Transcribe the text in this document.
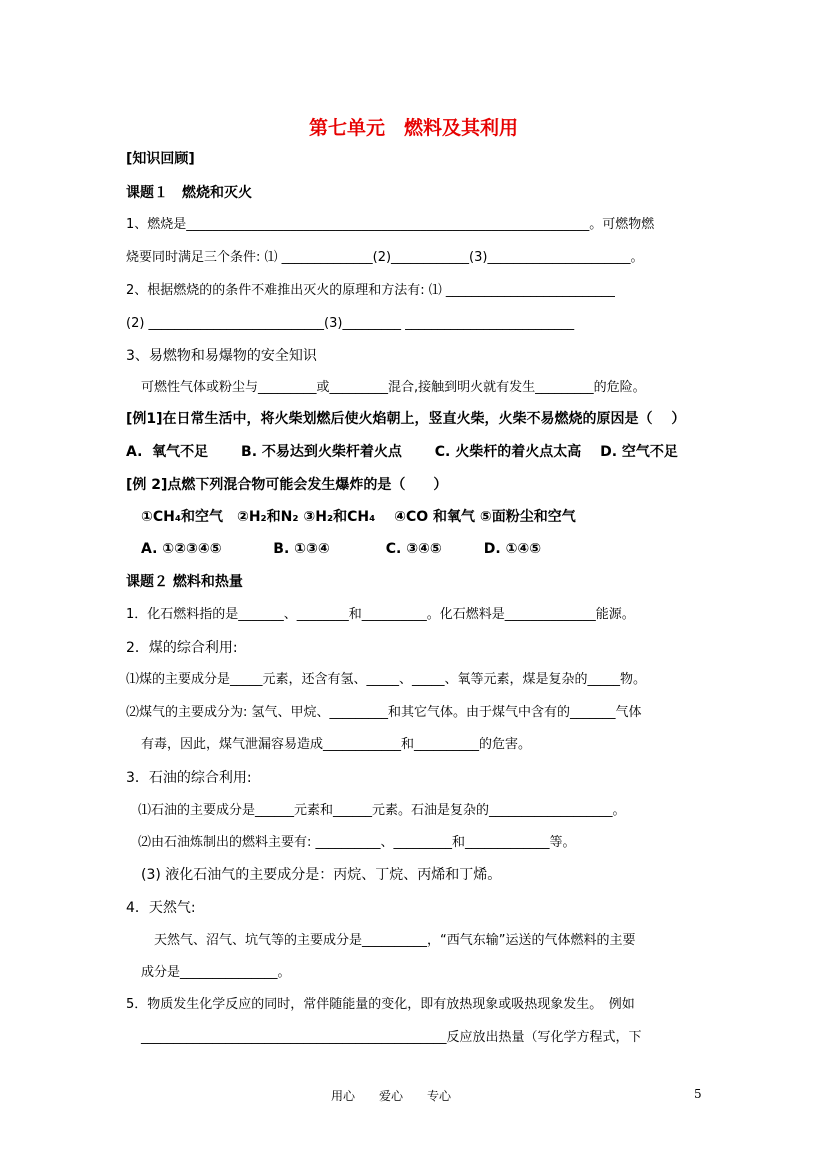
第七单元　燃料及其利用
[知识回顾]
课题１　燃烧和灭火
1、燃烧是______________________________________________________________。可燃物燃
烧要同时满足三个条件: ⑴ ______________(2)____________(3)______________________。
2、根据燃烧的的条件不难推出灭火的原理和方法有: ⑴ __________________________
(2) ___________________________(3)_________ __________________________
3、易燃物和易爆物的安全知识
可燃性气体或粉尘与_________或_________混合,接触到明火就有发生_________的危险。
[例1]在日常生活中，将火柴划燃后使火焰朝上，竖直火柴，火柴不易燃烧的原因是（　 ）
A.  氧气不足　　 B. 不易达到火柴杆着火点　　 C. 火柴杆的着火点太高　 D. 空气不足
[例 2]点燃下列混合物可能会发生爆炸的是（　　）
①CH₄和空气　②H₂和N₂ ③H₂和CH₄ 　④CO 和氧气 ⑤面粉尘和空气
A. ①②③④⑤　　　  B. ①③④　　　　C. ③④⑤　　　D. ①④⑤
课题２ 燃料和热量
1．化石燃料指的是_______、________和__________。化石燃料是______________能源。
2．煤的综合利用:
⑴煤的主要成分是_____元素，还含有氢、_____、_____、氧等元素，煤是复杂的_____物。
⑵煤气的主要成分为: 氢气、甲烷、_________和其它气体。由于煤气中含有的_______气体
有毒，因此，煤气泄漏容易造成____________和__________的危害。
3．石油的综合利用:
⑴石油的主要成分是______元素和______元素。石油是复杂的___________________。
⑵由石油炼制出的燃料主要有: __________、_________和_____________等。
(3) 液化石油气的主要成分是：丙烷、丁烷、丙烯和丁烯。
4．天然气:
天然气、沼气、坑气等的主要成分是__________，“西气东输”运送的气体燃料的主要
成分是_______________。
5．物质发生化学反应的同时，常伴随能量的变化，即有放热现象或吸热现象发生。　例如
_______________________________________________反应放出热量（写化学方程式，下
用心　　爱心　　专心	5
